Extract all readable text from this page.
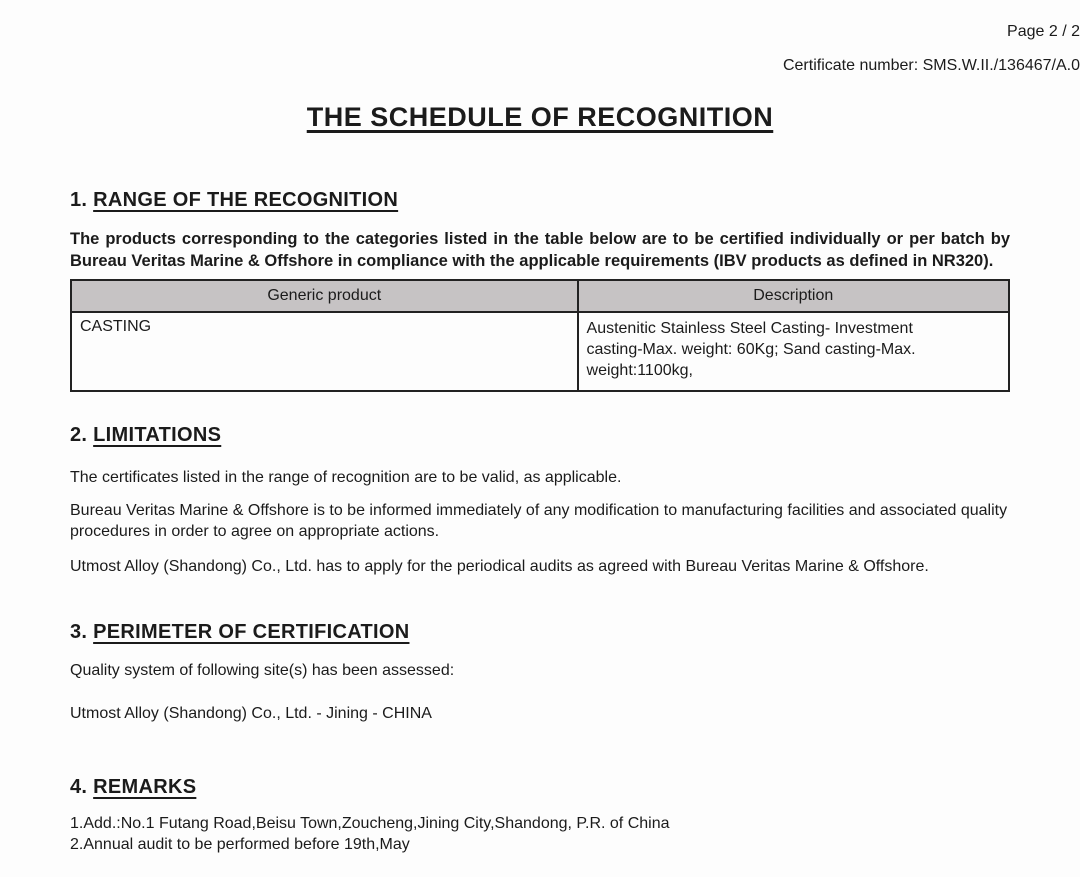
Page 2 / 2
Certificate number: SMS.W.II./136467/A.0
THE SCHEDULE OF RECOGNITION
1. RANGE OF THE RECOGNITION
The products corresponding to the categories listed in the table below are to be certified individually or per batch by Bureau Veritas Marine & Offshore in compliance with the applicable requirements (IBV products as defined in NR320).
Generic product	Description
CASTING	Austenitic Stainless Steel Casting- Investment casting-Max. weight: 60Kg; Sand casting-Max. weight:1100kg,
2. LIMITATIONS
The certificates listed in the range of recognition are to be valid, as applicable.
Bureau Veritas Marine & Offshore is to be informed immediately of any modification to manufacturing facilities and associated quality procedures in order to agree on appropriate actions.
Utmost Alloy (Shandong) Co., Ltd. has to apply for the periodical audits as agreed with Bureau Veritas Marine & Offshore.
3. PERIMETER OF CERTIFICATION
Quality system of following site(s) has been assessed:
Utmost Alloy (Shandong) Co., Ltd. - Jining - CHINA
4. REMARKS
1.Add.:No.1 Futang Road,Beisu Town,Zoucheng,Jining City,Shandong, P.R. of China
2.Annual audit to be performed before 19th,May
